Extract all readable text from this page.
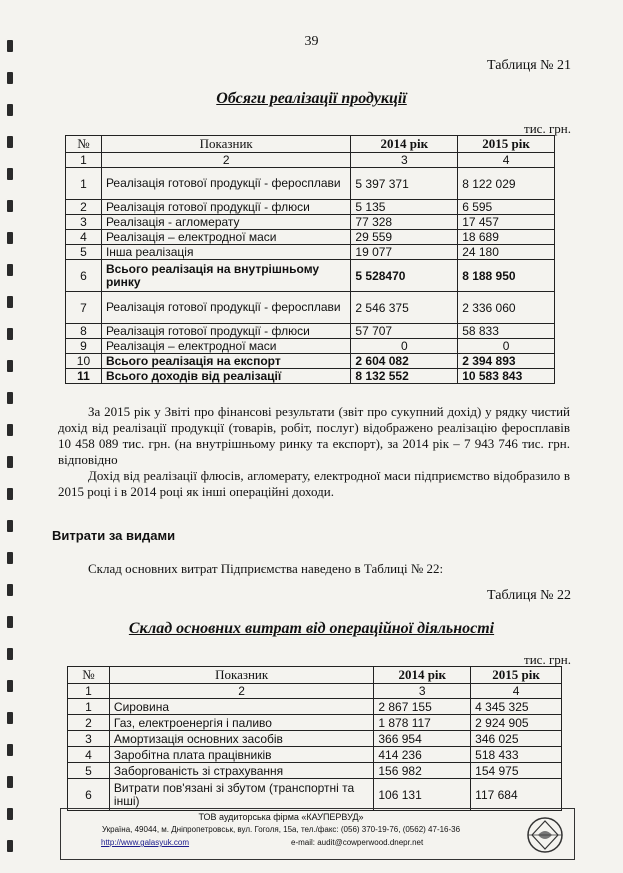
39
Таблиця № 21
Обсяги реалізації продукції
тис. грн.
№	Показник	2014 рік	2015 рік
1	2	3	4
1	Реалізація готової продукції - феросплави	5 397 371	8 122 029
2	Реалізація готової продукції - флюси	5 135	6 595
3	Реалізація - агломерату	77 328	17 457
4	Реалізація – електродної маси	29 559	18 689
5	Інша реалізація	19 077	24 180
6	Всього реалізація на внутрішньому ринку	5 528470	8 188 950
7	Реалізація готової продукції - феросплави	2 546 375	2 336 060
8	Реалізація готової продукції - флюси	57 707	58 833
9	Реалізація – електродної маси	0	0
10	Всього реалізація на експорт	2 604 082	2 394 893
11	Всього доходів від реалізації	8 132 552	10 583 843
За 2015 рік у Звіті про фінансові результати (звіт про сукупний дохід) у рядку чистий дохід від реалізації продукції (товарів, робіт, послуг) відображено реалізацію феросплавів 10 458 089 тис. грн. (на внутрішньому ринку та експорт), за 2014 рік – 7 943 746 тис. грн. відповідно
Дохід від реалізації флюсів, агломерату, електродної маси підприємство відобразило в 2015 році і в 2014 році як інші операційні доходи.
Витрати за видами
Склад основних витрат Підприємства наведено в Таблиці № 22:
Таблиця № 22
Склад основних витрат від операційної діяльності
тис. грн.
№	Показник	2014 рік	2015 рік
1	2	3	4
1	Сировина	2 867 155	4 345 325
2	Газ, електроенергія і паливо	1 878 117	2 924 905
3	Амортизація основних засобів	366 954	346 025
4	Заробітна плата працівників	414 236	518 433
5	Заборгованість зі страхування	156 982	154 975
6	Витрати пов'язані зі збутом (транспортні та інші)	106 131	117 684
ТОВ аудиторська фірма «КАУПЕРВУД»
Україна, 49044, м. Дніпропетровськ, вул. Гоголя, 15а, тел./факс: (056) 370-19-76, (0562) 47-16-36
http://www.galasyuk.com	e-mail: audit@cowperwood.dnepr.net
